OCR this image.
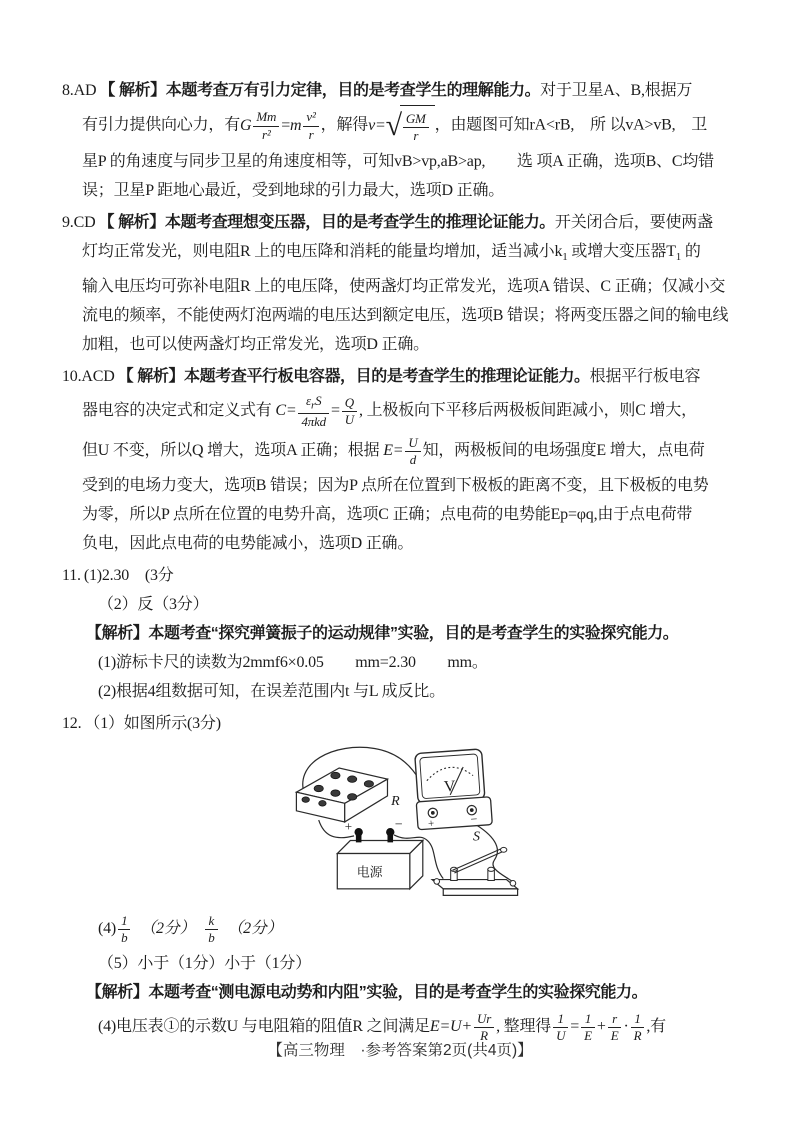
8.AD 【 解析】本题考查万有引力定律，目的是考查学生的理解能力。对于卫星A、B,根据万
有引力提供向心力，有G $\frac{Mm}{\text{r²}} =m \frac{\text{v²}}{r}$ ，解得$v=√ \frac{GM}{r}$ ，由题图可知rA<rB,　所 以vA>vB,　卫
星P 的角速度与同步卫星的角速度相等，可知vB>vp,aB>ap,　　选 项A 正确，选项B、C均错
误；卫星P 距地心最近，受到地球的引力最大，选项D 正确。
9.CD 【 解析】本题考查理想变压器，目的是考查学生的推理论证能力。开关闭合后，要使两盏
灯均正常发光，则电阻R 上的电压降和消耗的能量均增加，适当减小$k_1$ 或增大变压器$T_1$ 的
输入电压均可弥补电阻R 上的电压降，使两盏灯均正常发光，选项A 错误、C 正确；仅减小交
流电的频率，不能使两灯泡两端的电压达到额定电压，选项B 错误；将两变压器之间的输电线
加粗，也可以使两盏灯均正常发光，选项D 正确。
10.ACD 【 解析】本题考查平行板电容器，目的是考查学生的推理论证能力。根据平行板电容
器电容的决定式和定义式有 C=
$\varepsilon_rS$
4πkd
= $\frac{Q}{U}$ , 上极板向下平移后两极板间距减小，则C 增大，
但U 不变，所以Q 增大，选项A 正确；根据 $E= \frac{U}{d}$ 知，两极板间的电场强度E 增大，点电荷
受到的电场力变大，选项B 错误；因为P 点所在位置到下极板的距离不变，且下极板的电势
为零，所以P 点所在位置的电势升高，选项C 正确；点电荷的电势能Ep=φq,由于点电荷带
负电，因此点电荷的电势能减小，选项D 正确。
11. (1)2.30　(3分
（2）反（3分）
【解析】本题考查“探究弹簧振子的运动规律”实验，目的是考查学生的实验探究能力。
(1)游标卡尺的读数为2mmf6×0.05　　mm=2.30　　mm。
(2)根据4组数据可知，在误差范围内t 与L 成反比。
12. （1）如图所示(3分)
R
V
+	−
+	−
电源
S
$(4) \frac{1}{b}$ 　（2分）　 $\frac{k}{b}$ 　（2分）
（5）小于（1分）小于（1分）
【解析】本题考查“测电源电动势和内阻”实验，目的是考查学生的实验探究能力。
(4)电压表①的示数U 与电阻箱的阻值R 之间满足$E=U+ \frac{Ur}{R}$ , 整理得 $\frac{1}{U} = \frac{1}{E} + \frac{r}{E} \cdot \frac{1}{R}$ ,有
【高三物理　·参考答案第2页(共4页)】
